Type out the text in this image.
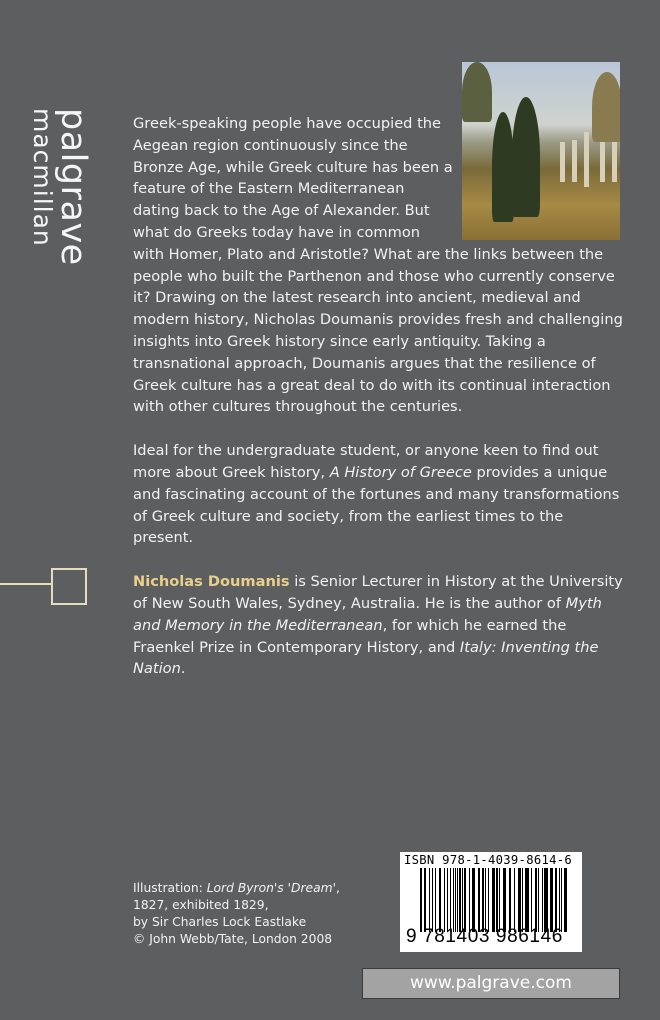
palgrave
macmillan	Greek-speaking people have occupied the Aegean region continuously since the Bronze Age, while Greek culture has been a feature of the Eastern Mediterranean dating back to the Age of Alexander. But what do Greeks today have in common with Homer, Plato and Aristotle? What are the links between the people who built the Parthenon and those who currently conserve it? Drawing on the latest research into ancient, medieval and modern history, Nicholas Doumanis provides fresh and challenging insights into Greek history since early antiquity. Taking a transnational approach, Doumanis argues that the resilience of Greek culture has a great deal to do with its continual interaction with other cultures throughout the centuries.

Ideal for the undergraduate student, or anyone keen to find out more about Greek history, A History of Greece provides a unique and fascinating account of the fortunes and many transformations of Greek culture and society, from the earliest times to the present.

Nicholas Doumanis is Senior Lecturer in History at the University of New South Wales, Sydney, Australia. He is the author of Myth and Memory in the Mediterranean, for which he earned the Fraenkel Prize in Contemporary History, and Italy: Inventing the Nation.

Illustration: Lord Byron's 'Dream',
1827, exhibited 1829,
by Sir Charles Lock Eastlake
© John Webb/Tate, London 2008
ISBN 978-1-4039-8614-6
9 781403 986146
www.palgrave.com
